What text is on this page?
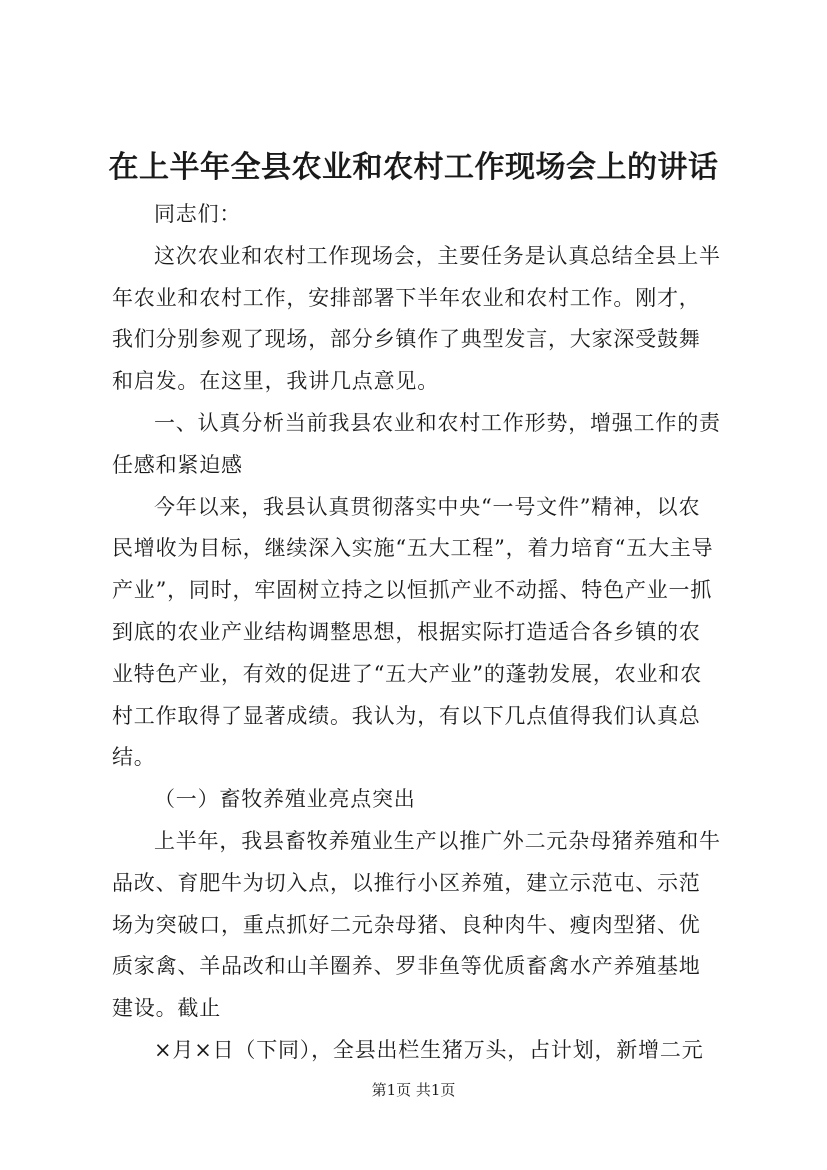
在上半年全县农业和农村工作现场会上的讲话

同志们：

这次农业和农村工作现场会，主要任务是认真总结全县上半年农业和农村工作，安排部署下半年农业和农村工作。刚才，我们分别参观了现场，部分乡镇作了典型发言，大家深受鼓舞和启发。在这里，我讲几点意见。

一、认真分析当前我县农业和农村工作形势，增强工作的责任感和紧迫感

今年以来，我县认真贯彻落实中央“一号文件”精神，以农民增收为目标，继续深入实施“五大工程”，着力培育“五大主导产业”，同时，牢固树立持之以恒抓产业不动摇、特色产业一抓到底的农业产业结构调整思想，根据实际打造适合各乡镇的农业特色产业，有效的促进了“五大产业”的蓬勃发展，农业和农村工作取得了显著成绩。我认为，有以下几点值得我们认真总结。

（一）畜牧养殖业亮点突出

上半年，我县畜牧养殖业生产以推广外二元杂母猪养殖和牛品改、育肥牛为切入点，以推行小区养殖，建立示范屯、示范场为突破口，重点抓好二元杂母猪、良种肉牛、瘦肉型猪、优质家禽、羊品改和山羊圈养、罗非鱼等优质畜禽水产养殖基地建设。截止

×月×日（下同），全县出栏生猪万头，占计划，新增二元

第1页 共1页
